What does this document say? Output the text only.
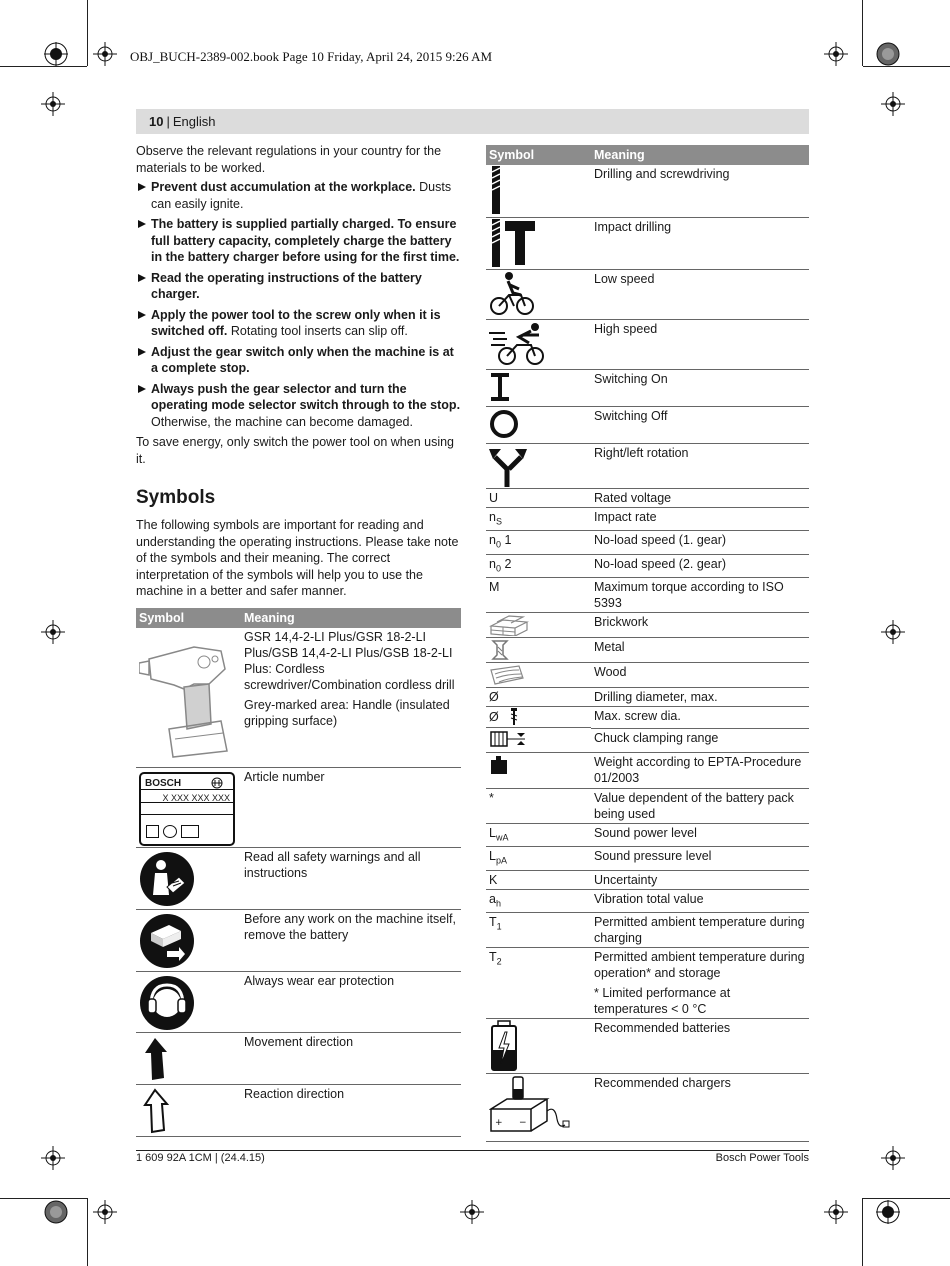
OBJ_BUCH-2389-002.book Page 10 Friday, April 24, 2015 9:26 AM
10 | English

Observe the relevant regulations in your country for the materials to be worked.

Prevent dust accumulation at the workplace. Dusts can easily ignite.
The battery is supplied partially charged. To ensure full battery capacity, completely charge the battery in the battery charger before using for the first time.
Read the operating instructions of the battery charger.
Apply the power tool to the screw only when it is switched off. Rotating tool inserts can slip off.
Adjust the gear switch only when the machine is at a complete stop.
Always push the gear selector and turn the operating mode selector switch through to the stop. Otherwise, the machine can become damaged.

To save energy, only switch the power tool on when using it.

Symbols

The following symbols are important for reading and understanding the operating instructions. Please take note of the symbols and their meaning. The correct interpretation of the symbols will help you to use the machine in a better and safer manner.

Symbol	Meaning

GSR 14,4-2-LI Plus/GSR 18-2-LI Plus/GSB 14,4-2-LI Plus/GSB 18-2-LI Plus: Cordless screwdriver/Combination cordless drill
Grey-marked area: Handle (insulated gripping surface)

BOSCH
X XXX XXX XXX	Article number

	Read all safety warnings and all instructions

	Before any work on the machine itself, remove the battery

	Always wear ear protection

	Movement direction

	Reaction direction
Symbol	Meaning

	Drilling and screwdriving

	Impact drilling

	Low speed

	High speed

	Switching On

	Switching Off

	Right/left rotation
U	Rated voltage
$n_S$	Impact rate
$n_0$ 1	No-load speed (1. gear)
$n_0$ 2	No-load speed (2. gear)
M	Maximum torque according to ISO 5393

	Brickwork

	Metal

	Wood
Ø	Drilling diameter, max.

Ø	Max. screw dia.

	Chuck clamping range

	Weight according to EPTA-Procedure 01/2003
*	Value dependent of the battery pack being used
$L_{wA}$	Sound power level
$L_{pA}$	Sound pressure level
K	Uncertainty
$a_h$	Vibration total value
$T_1$	Permitted ambient temperature during charging
$T_2$	Permitted ambient temperature during operation* and storage
* Limited performance at temperatures < 0 °C

	Recommended batteries

+ −	Recommended chargers
1 609 92A 1CM | (24.4.15)	Bosch Power Tools
